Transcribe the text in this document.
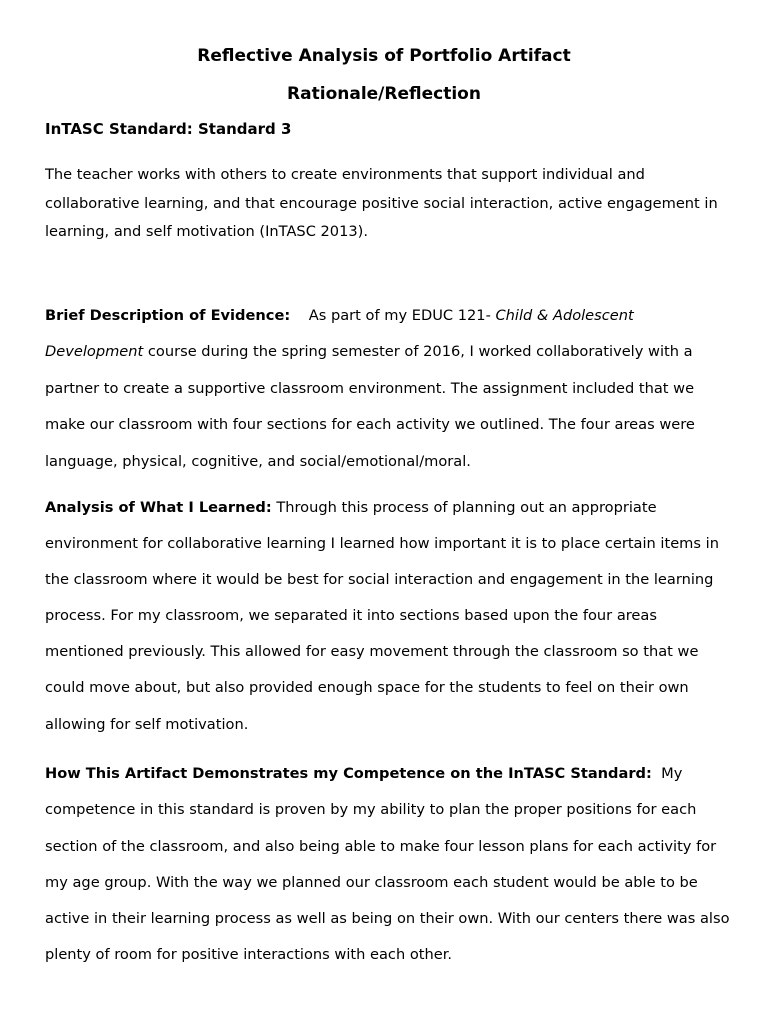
Reflective Analysis of Portfolio Artifact
Rationale/Reflection

InTASC Standard: Standard 3

The teacher works with others to create environments that support individual and collaborative learning, and that encourage positive social interaction, active engagement in learning, and self motivation (InTASC 2013).

Brief Description of Evidence: As part of my EDUC 121- Child & Adolescent Development course during the spring semester of 2016, I worked collaboratively with a partner to create a supportive classroom environment. The assignment included that we make our classroom with four sections for each activity we outlined. The four areas were language, physical, cognitive, and social/emotional/moral.

Analysis of What I Learned: Through this process of planning out an appropriate environment for collaborative learning I learned how important it is to place certain items in the classroom where it would be best for social interaction and engagement in the learning process. For my classroom, we separated it into sections based upon the four areas mentioned previously. This allowed for easy movement through the classroom so that we could move about, but also provided enough space for the students to feel on their own allowing for self motivation.

How This Artifact Demonstrates my Competence on the InTASC Standard: My competence in this standard is proven by my ability to plan the proper positions for each section of the classroom, and also being able to make four lesson plans for each activity for my age group. With the way we planned our classroom each student would be able to be active in their learning process as well as being on their own. With our centers there was also plenty of room for positive interactions with each other.
